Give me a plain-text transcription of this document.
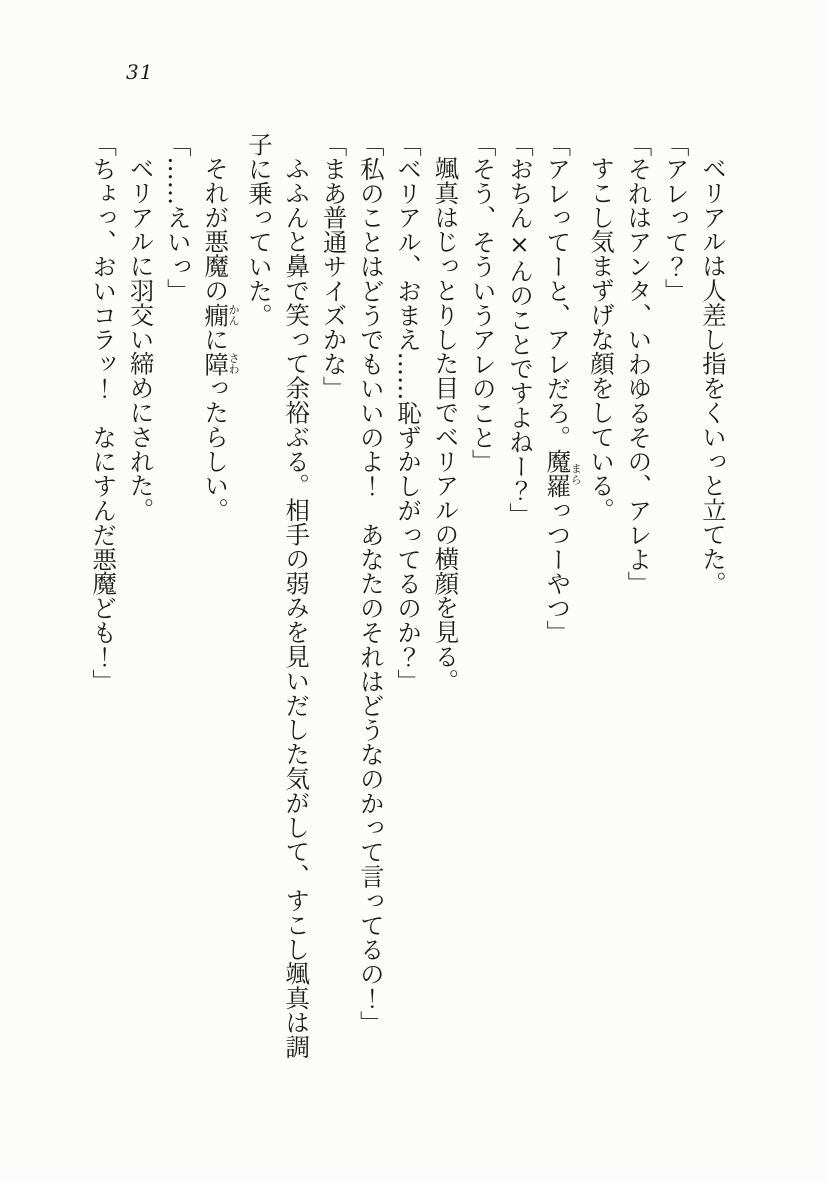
31

ベリアルは人差し指をくいっと立てた。

「アレって？」

「それはアンタ、いわゆるその、アレよ」

すこし気まずげな顔をしている。

「アレってーと、アレだろ。魔羅まらっつーやつ」

「おちん×んのことですよねー？」

「そう、そういうアレのこと」

颯真はじっとりした目でベリアルの横顔を見る。

「ベリアル、おまえ……恥ずかしがってるのか？」

「私のことはどうでもいいのよ！　あなたのそれはどうなのかって言ってるの！」

「まあ普通サイズかな」

ふふんと鼻で笑って余裕ぶる。相手の弱みを見いだした気がして、すこし颯真は調子に乗っていた。

それが悪魔の癇かんに障さわったらしい。

「……えいっ」

ベリアルに羽交い締めにされた。

「ちょっ、おいコラッ！　なにすんだ悪魔ども！」
